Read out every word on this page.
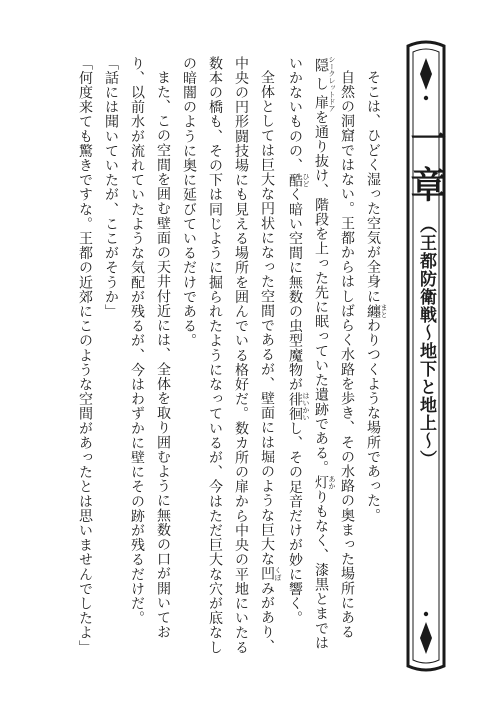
一章
（王都防衛戦～地下と地上～）

そこは、ひどく湿った空気が全身に纏 まとわりつくような場所であった。

自然の洞窟ではない。王都からはしばらく水路を歩き、その水路の奥まった場所にある隠し扉 シークレットドアを通り抜け、階段を上った先に眠っていた遺跡である。灯 あかりもなく、漆黒とまではいかないものの、酷 ひどく暗い空間に無数の虫型魔物が徘徊 はいかいし、その足音だけが妙に響く。

全体としては巨大な円状になった空間であるが、壁面には堀のような巨大な凹 くぼみがあり、中央の円形闘技場にも見える場所を囲んでいる格好だ。数カ所の扉から中央の平地にいたる数本の橋も、その下は同じように掘られたようになっているが、今はただ巨大な穴が底なしの暗闇のように奥に延びているだけである。

また、この空間を囲む壁面の天井付近には、全体を取り囲むように無数の口が開いており、以前水が流れていたような気配が残るが、今はわずかに壁にその跡が残るだけだ。

「話には聞いていたが、ここがそうか」

「何度来ても驚きですな。王都の近郊にこのような空間があったとは思いませんでしたよ」
